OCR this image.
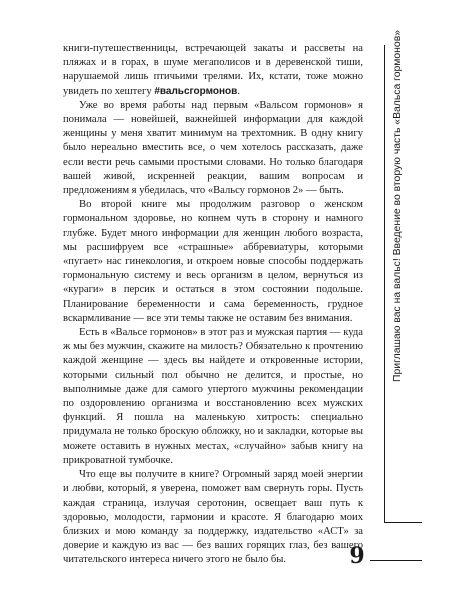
книги-путешественницы, встречающей закаты и рассветы на пляжах и в горах, в шуме мегаполисов и в деревенской тиши, нарушаемой лишь птичьими трелями. Их, кстати, тоже можно увидеть по хештегу #вальсгормонов.

Уже во время работы над первым «Вальсом гормонов» я понимала — новейшей, важнейшей информации для каждой женщины у меня хватит минимум на трехтомник. В одну книгу было нереально вместить все, о чем хотелось рассказать, даже если вести речь самыми простыми словами. Но только благодаря вашей живой, искренней реакции, вашим вопросам и предложениям я убедилась, что «Вальсу гормонов 2» — быть.

Во второй книге мы продолжим разговор о женском гормональном здоровье, но копнем чуть в сторону и намного глубже. Будет много информации для женщин любого возраста, мы расшифруем все «страшные» аббревиатуры, которыми «пугает» нас гинекология, и откроем новые способы поддержать гормональную систему и весь организм в целом, вернуться из «кураги» в персик и остаться в этом состоянии подольше. Планирование беременности и сама беременность, грудное вскармливание — все эти темы также не оставим без внимания.

Есть в «Вальсе гормонов» в этот раз и мужская партия — куда ж мы без мужчин, скажите на милость? Обязательно к прочтению каждой женщине — здесь вы найдете и откровенные истории, которыми сильный пол обычно не делится, и простые, но выполнимые даже для самого упертого мужчины рекомендации по оздоровлению организма и восстановлению всех мужских функций. Я пошла на маленькую хитрость: специально придумала не только броскую обложку, но и закладки, которые вы можете оставить в нужных местах, «случайно» забыв книгу на прикроватной тумбочке.

Что еще вы получите в книге? Огромный заряд моей энергии и любви, который, я уверена, поможет вам свернуть горы. Пусть каждая страница, излучая серотонин, освещает ваш путь к здоровью, молодости, гармонии и красоте. Я благодарю моих близких и мою команду за поддержку, издательство «АСТ» за доверие и каждую из вас — без ваших горящих глаз, без вашего читательского интереса ничего этого не было бы.

Приглашаю вас на вальс! Введение во вторую часть «Вальса гормонов»
9
